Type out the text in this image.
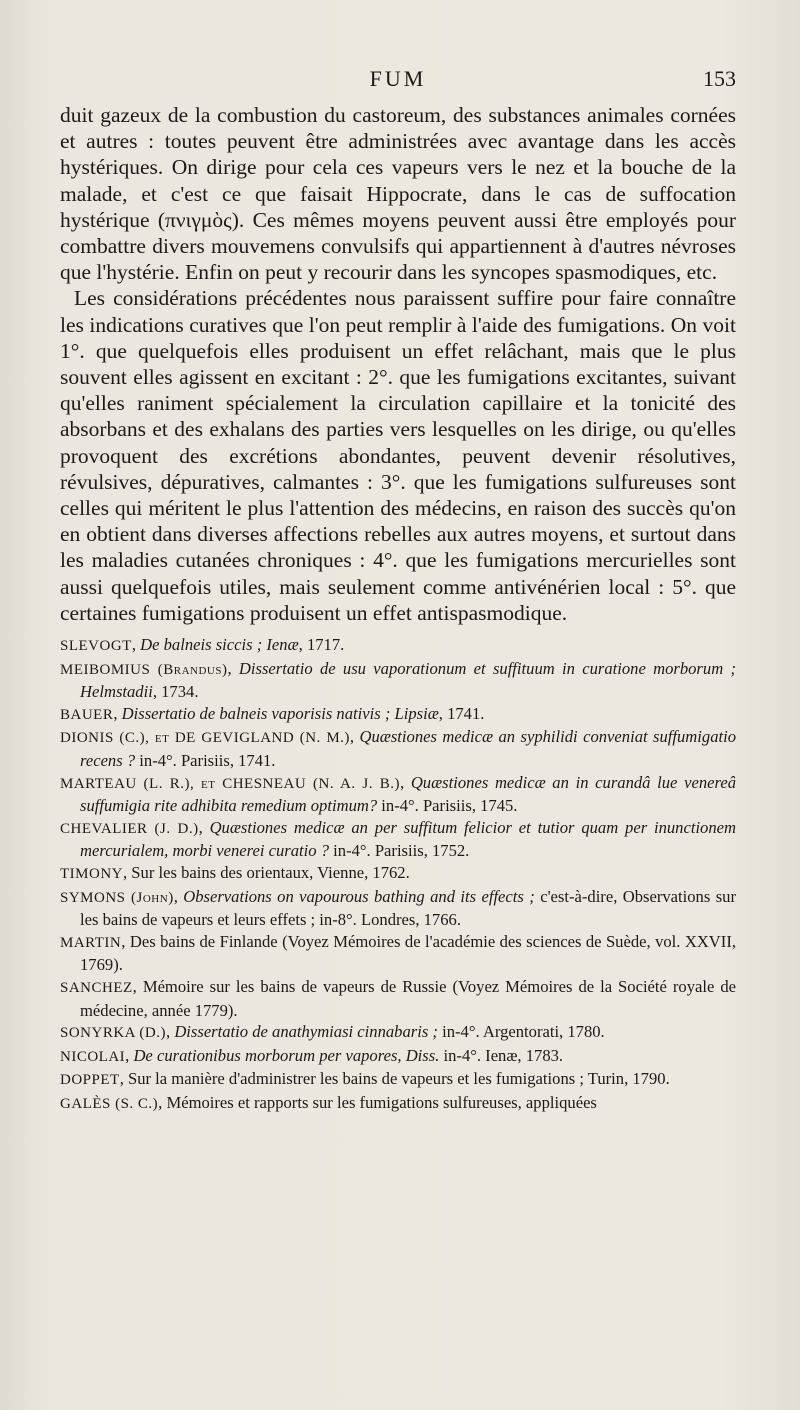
FUM	153

duit gazeux de la combustion du castoreum, des substances animales cornées et autres : toutes peuvent être administrées avec avantage dans les accès hystériques. On dirige pour cela ces vapeurs vers le nez et la bouche de la malade, et c'est ce que faisait Hippocrate, dans le cas de suffocation hystérique (πνιγμὸς). Ces mêmes moyens peuvent aussi être employés pour combattre divers mouvemens convulsifs qui appartiennent à d'autres névroses que l'hystérie. Enfin on peut y recourir dans les syncopes spasmodiques, etc.

Les considérations précédentes nous paraissent suffire pour faire connaître les indications curatives que l'on peut remplir à l'aide des fumigations. On voit 1°. que quelquefois elles produisent un effet relâchant, mais que le plus souvent elles agissent en excitant : 2°. que les fumigations excitantes, suivant qu'elles raniment spécialement la circulation capillaire et la tonicité des absorbans et des exhalans des parties vers lesquelles on les dirige, ou qu'elles provoquent des excrétions abondantes, peuvent devenir résolutives, révulsives, dépuratives, calmantes : 3°. que les fumigations sulfureuses sont celles qui méritent le plus l'attention des médecins, en raison des succès qu'on en obtient dans diverses affections rebelles aux autres moyens, et surtout dans les maladies cutanées chroniques : 4°. que les fumigations mercurielles sont aussi quelquefois utiles, mais seulement comme antivénérien local : 5°. que certaines fumigations produisent un effet antispasmodique.

SLEVOGT, De balneis siccis ; Ienæ, 1717.

MEIBOMIUS (Brandus), Dissertatio de usu vaporationum et suffituum in curatione morborum ; Helmstadii, 1734.

BAUER, Dissertatio de balneis vaporisis nativis ; Lipsiæ, 1741.

DIONIS (C.), et DE GEVIGLAND (N. M.), Quæstiones medicæ an syphilidi conveniat suffumigatio recens ? in-4°. Parisiis, 1741.

MARTEAU (L. R.), et CHESNEAU (N. A. J. B.), Quæstiones medicæ an in curandâ lue venereâ suffumigia rite adhibita remedium optimum? in-4°. Parisiis, 1745.

CHEVALIER (J. D.), Quæstiones medicæ an per suffitum felicior et tutior quam per inunctionem mercurialem, morbi venerei curatio ? in-4°. Parisiis, 1752.

TIMONY, Sur les bains des orientaux, Vienne, 1762.

SYMONS (John), Observations on vapourous bathing and its effects ; c'est-à-dire, Observations sur les bains de vapeurs et leurs effets ; in-8°. Londres, 1766.

MARTIN, Des bains de Finlande (Voyez Mémoires de l'académie des sciences de Suède, vol. XXVII, 1769).

SANCHEZ, Mémoire sur les bains de vapeurs de Russie (Voyez Mémoires de la Société royale de médecine, année 1779).

SONYRKA (D.), Dissertatio de anathymiasi cinnabaris ; in-4°. Argentorati, 1780.

NICOLAI, De curationibus morborum per vapores, Diss. in-4°. Ienæ, 1783.

DOPPET, Sur la manière d'administrer les bains de vapeurs et les fumigations ; Turin, 1790.

GALÈS (S. C.), Mémoires et rapports sur les fumigations sulfureuses, appliquées
